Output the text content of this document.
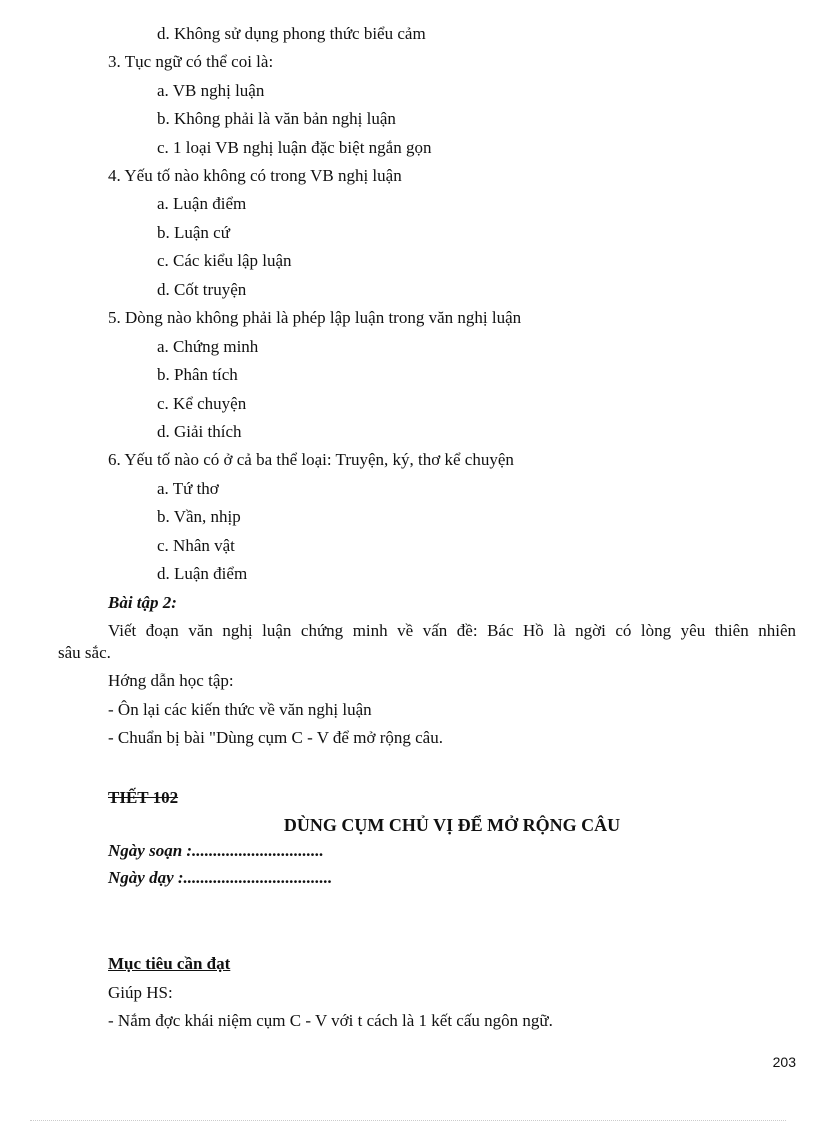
d. Không sử dụng phong thức biểu cảm
3. Tục ngữ có thể coi là:
a. VB nghị luận
b. Không phải là văn bản nghị luận
c. 1 loại VB nghị luận đặc biệt ngắn gọn
4. Yếu tố nào không có trong VB nghị luận
a. Luận điểm
b. Luận cứ
c. Các kiểu lập luận
d. Cốt truyện
5. Dòng nào không phải là phép lập luận trong văn nghị luận
a. Chứng minh
b. Phân tích
c. Kể chuyện
d. Giải thích
6. Yếu tố nào có ở cả ba thể loại: Truyện, ký, thơ kể chuyện
a. Tứ thơ
b. Vần, nhịp
c. Nhân vật
d. Luận điểm
Bài tập 2:
Viết đoạn văn nghị luận chứng minh về vấn đề: Bác Hồ là ngời có lòng yêu thiên nhiên
sâu sắc.
Hớng dẫn học tập:
- Ôn lại các kiến thức về văn nghị luận
- Chuẩn bị bài "Dùng cụm C - V để mở rộng câu.
TIẾT 102
DÙNG CỤM CHỦ VỊ ĐỂ MỞ RỘNG CÂU
Ngày soạn :...............................
Ngày dạy :...................................
Mục tiêu cần đạt
Giúp HS:
- Nắm đợc khái niệm cụm C - V với t cách là 1 kết cấu ngôn ngữ.
203
